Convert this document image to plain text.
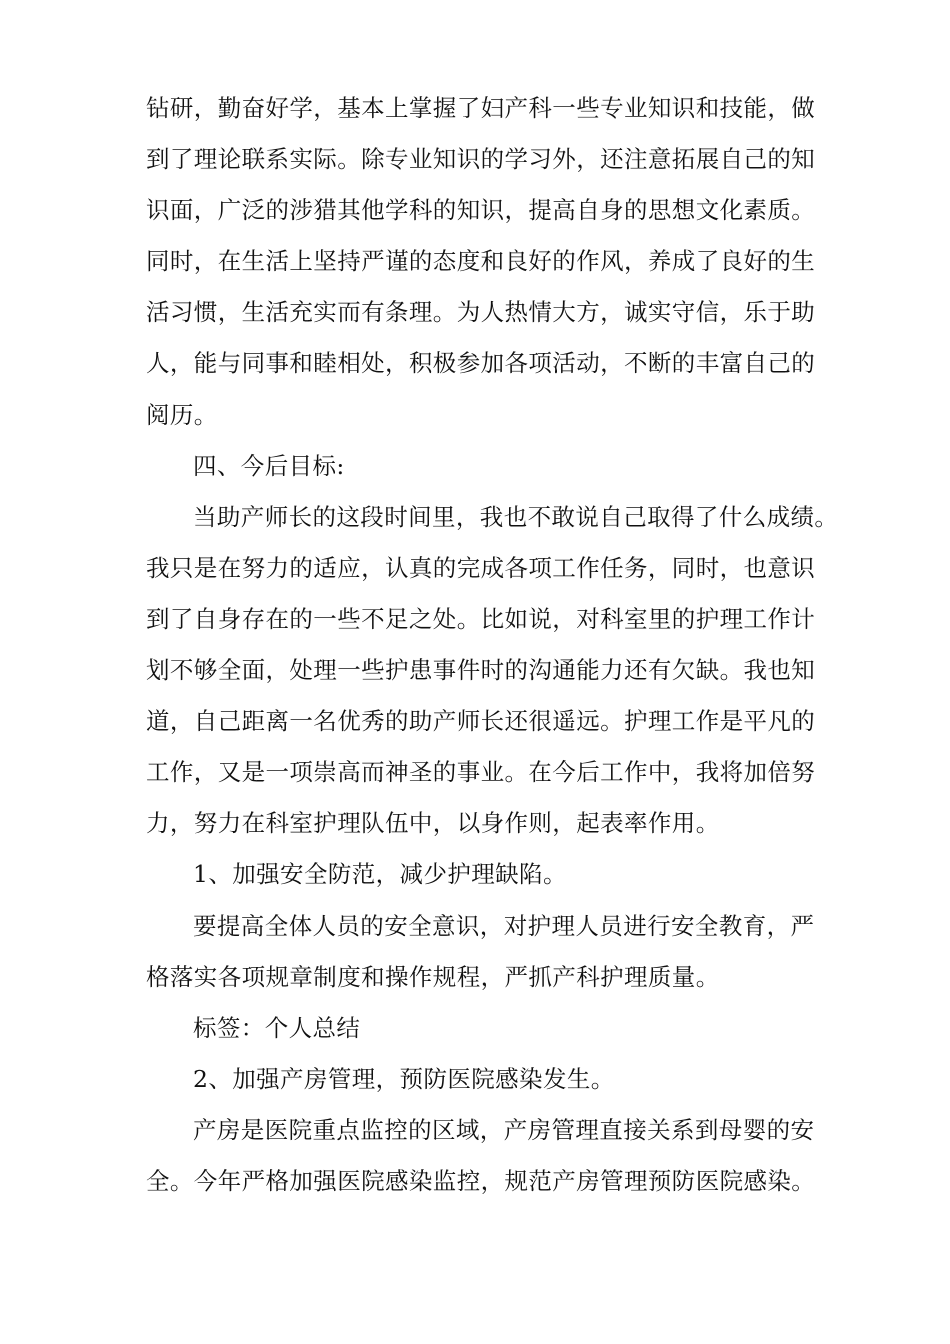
钻研，勤奋好学，基本上掌握了妇产科一些专业知识和技能，做
到了理论联系实际。除专业知识的学习外，还注意拓展自己的知
识面，广泛的涉猎其他学科的知识，提高自身的思想文化素质。
同时，在生活上坚持严谨的态度和良好的作风，养成了良好的生
活习惯，生活充实而有条理。为人热情大方，诚实守信，乐于助
人，能与同事和睦相处，积极参加各项活动，不断的丰富自己的
阅历。
四、今后目标:
当助产师长的这段时间里，我也不敢说自己取得了什么成绩。
我只是在努力的适应，认真的完成各项工作任务，同时，也意识
到了自身存在的一些不足之处。比如说，对科室里的护理工作计
划不够全面，处理一些护患事件时的沟通能力还有欠缺。我也知
道，自己距离一名优秀的助产师长还很遥远。护理工作是平凡的
工作，又是一项崇高而神圣的事业。在今后工作中，我将加倍努
力，努力在科室护理队伍中，以身作则，起表率作用。
1、加强安全防范，减少护理缺陷。
要提高全体人员的安全意识，对护理人员进行安全教育，严
格落实各项规章制度和操作规程，严抓产科护理质量。
标签：个人总结
2、加强产房管理，预防医院感染发生。
产房是医院重点监控的区域，产房管理直接关系到母婴的安
全。今年严格加强医院感染监控，规范产房管理预防医院感染。
